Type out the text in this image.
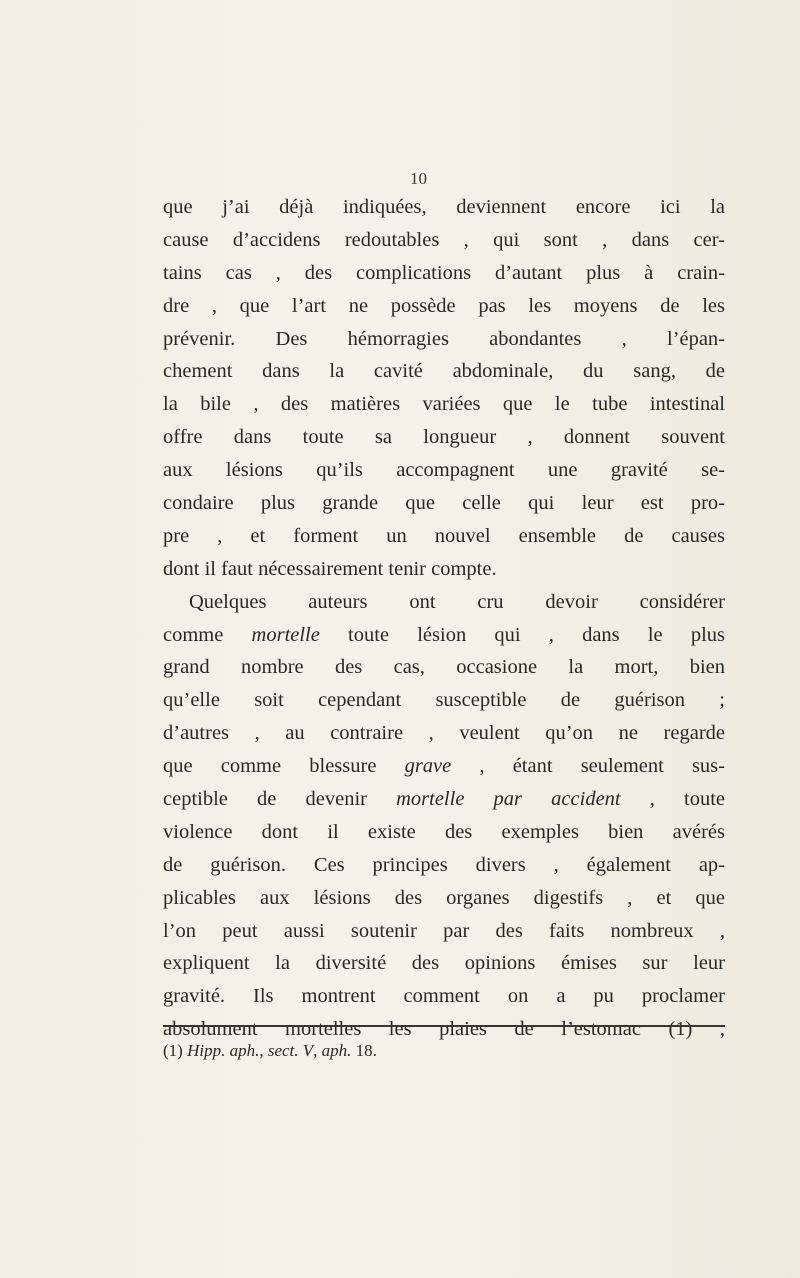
10
que j’ai déjà indiquées, deviennent encore ici la
cause d’accidens redoutables , qui sont , dans cer-
tains cas , des complications d’autant plus à crain-
dre , que l’art ne possède pas les moyens de les
prévenir. Des hémorragies abondantes , l’épan-
chement dans la cavité abdominale, du sang, de
la bile , des matières variées que le tube intestinal
offre dans toute sa longueur , donnent souvent
aux lésions qu’ils accompagnent une gravité se-
condaire plus grande que celle qui leur est pro-
pre , et forment un nouvel ensemble de causes
dont il faut nécessairement tenir compte.
Quelques auteurs ont cru devoir considérer
comme mortelle toute lésion qui , dans le plus
grand nombre des cas, occasione la mort, bien
qu’elle soit cependant susceptible de guérison ;
d’autres , au contraire , veulent qu’on ne regarde
que comme blessure grave , étant seulement sus-
ceptible de devenir mortelle par accident , toute
violence dont il existe des exemples bien avérés
de guérison. Ces principes divers , également ap-
plicables aux lésions des organes digestifs , et que
l’on peut aussi soutenir par des faits nombreux ,
expliquent la diversité des opinions émises sur leur
gravité. Ils montrent comment on a pu proclamer
absolument mortelles les plaies de l’estomac (1) ,
(1) Hipp. aph., sect. V, aph. 18.
